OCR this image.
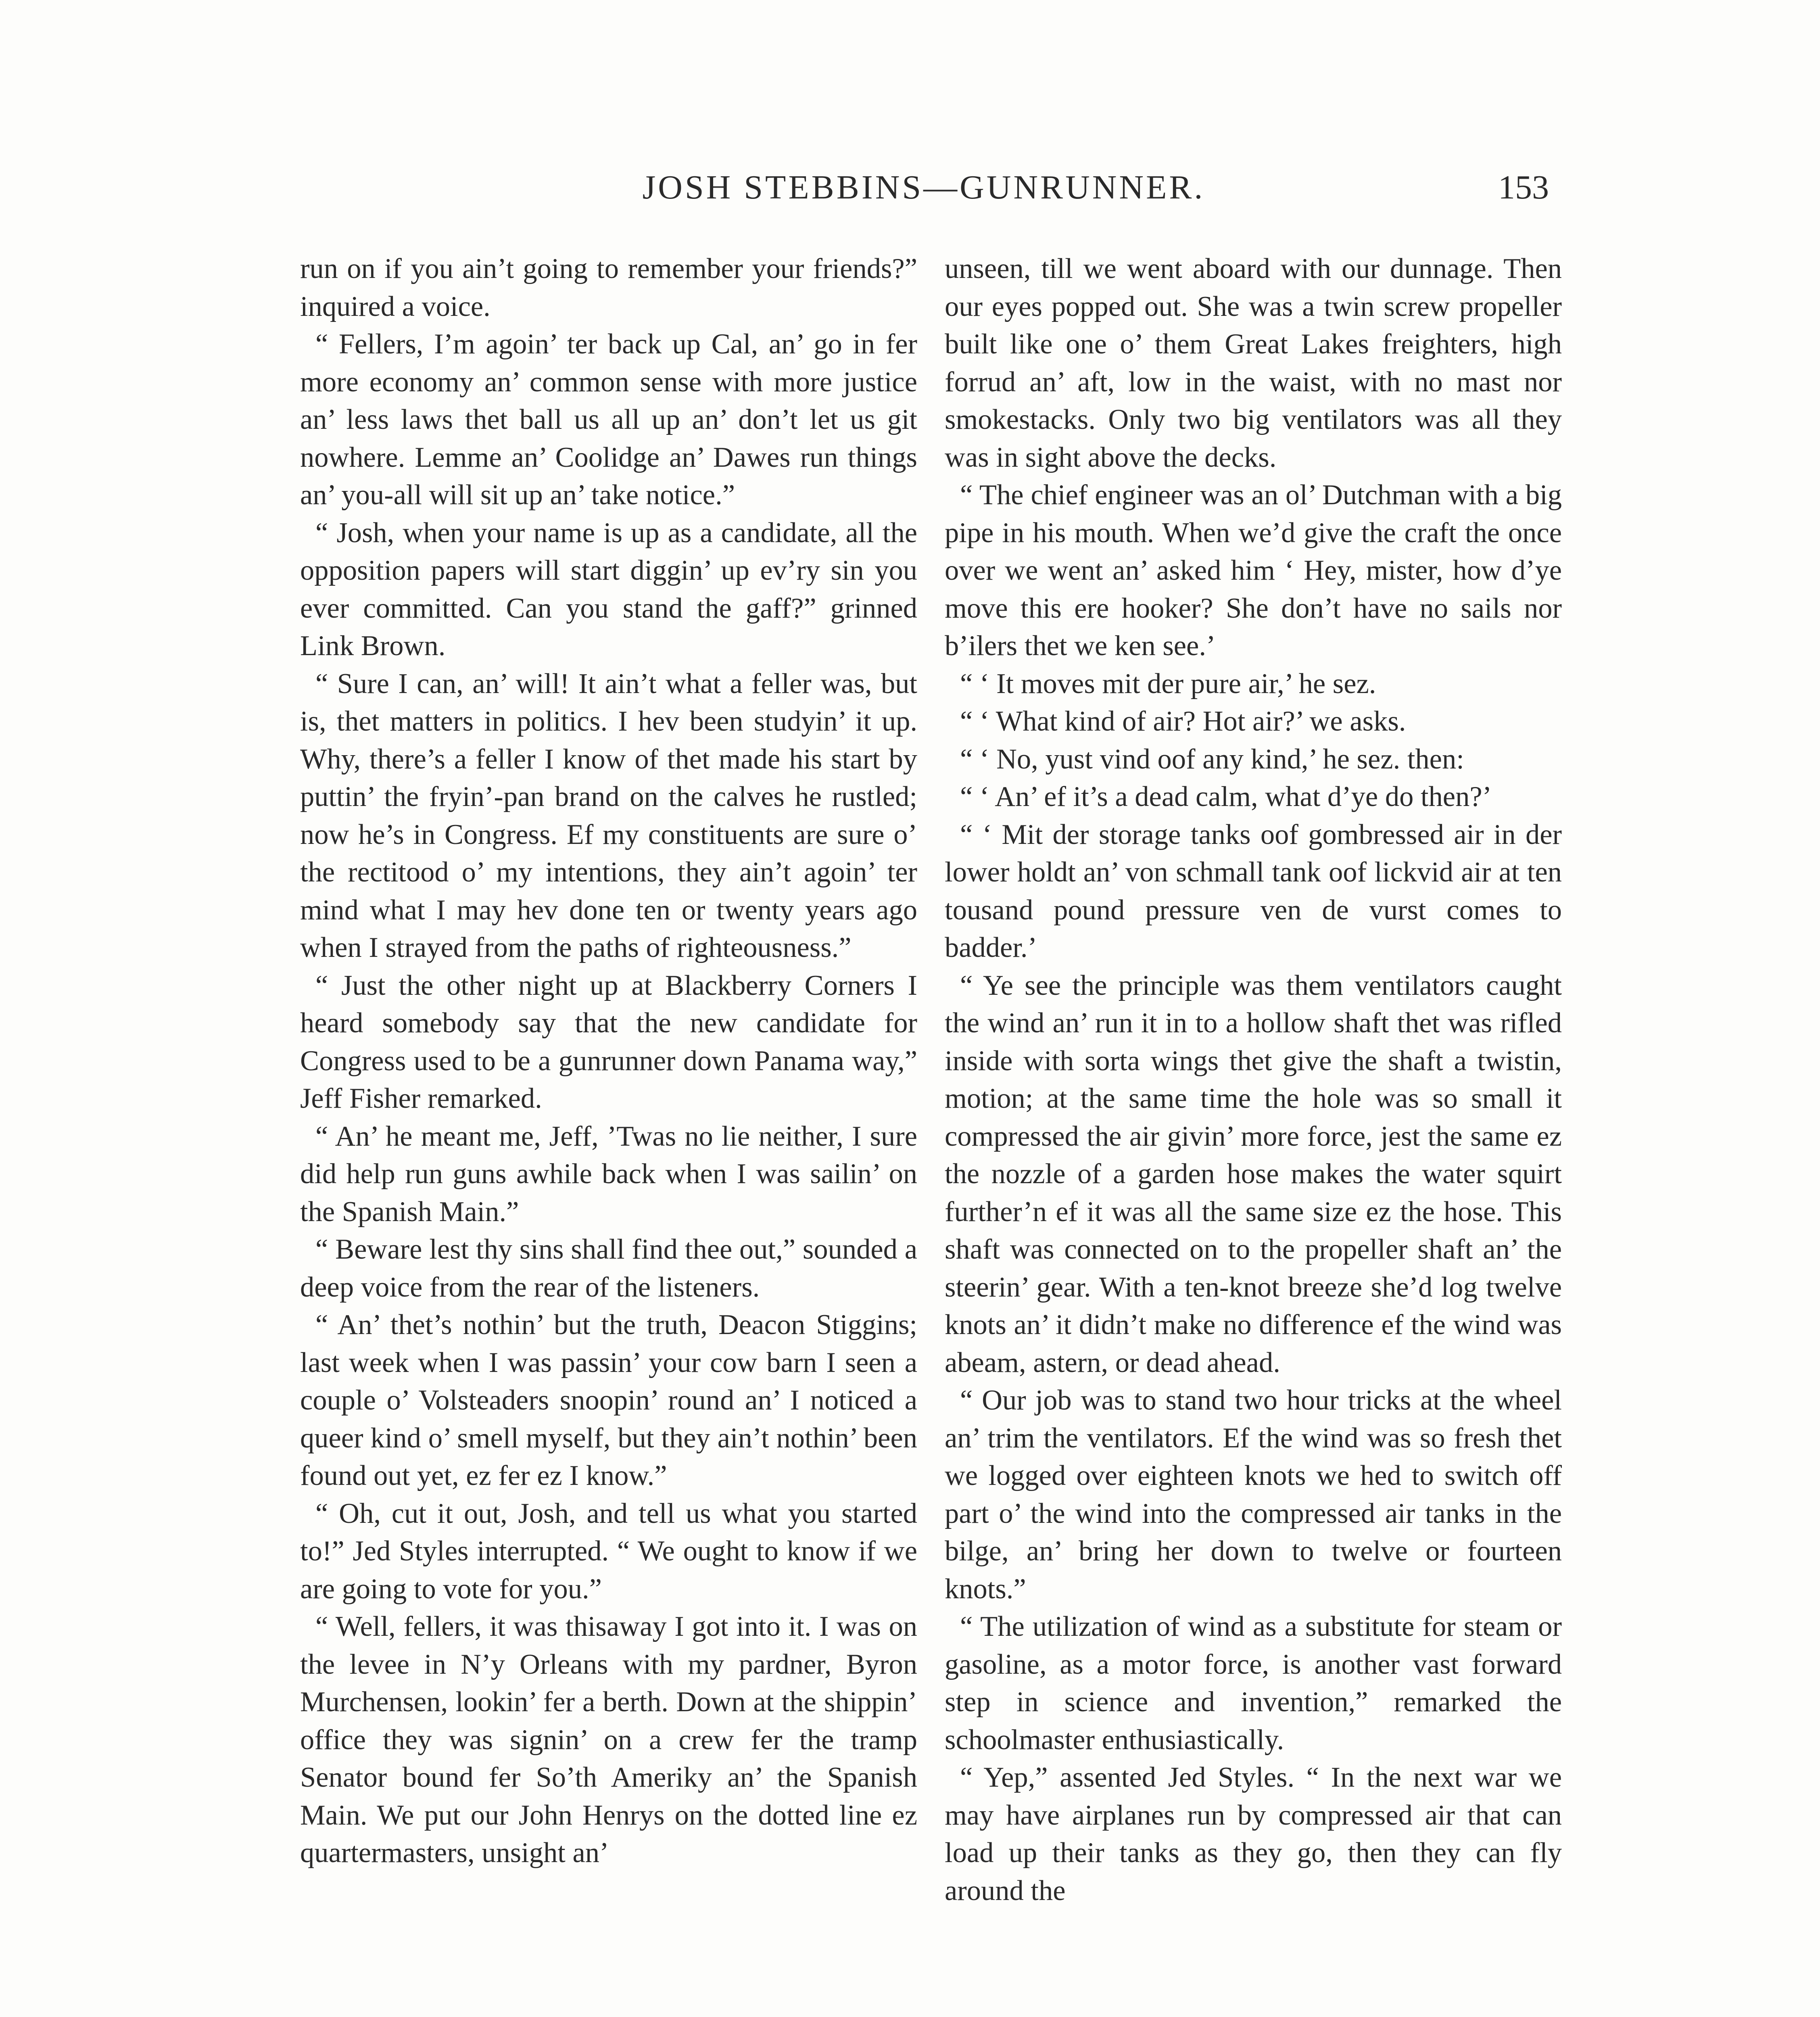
JOSH STEBBINS—GUNRUNNER.	153

run on if you ain’t going to remember your friends?” inquired a voice.

“ Fellers, I’m agoin’ ter back up Cal, an’ go in fer more economy an’ common sense with more justice an’ less laws thet ball us all up an’ don’t let us git nowhere. Lemme an’ Coolidge an’ Dawes run things an’ you-all will sit up an’ take notice.”

“ Josh, when your name is up as a candidate, all the opposition papers will start diggin’ up ev’ry sin you ever committed. Can you stand the gaff?” grinned Link Brown.

“ Sure I can, an’ will! It ain’t what a feller was, but is, thet matters in politics. I hev been studyin’ it up. Why, there’s a feller I know of thet made his start by puttin’ the fryin’-pan brand on the calves he rustled; now he’s in Congress. Ef my constituents are sure o’ the rectitood o’ my intentions, they ain’t agoin’ ter mind what I may hev done ten or twenty years ago when I strayed from the paths of righteousness.”

“ Just the other night up at Blackberry Corners I heard somebody say that the new candidate for Congress used to be a gunrunner down Panama way,” Jeff Fisher remarked.

“ An’ he meant me, Jeff, ’Twas no lie neither, I sure did help run guns awhile back when I was sailin’ on the Spanish Main.”

“ Beware lest thy sins shall find thee out,” sounded a deep voice from the rear of the listeners.

“ An’ thet’s nothin’ but the truth, Deacon Stiggins; last week when I was passin’ your cow barn I seen a couple o’ Volsteaders snoopin’ round an’ I noticed a queer kind o’ smell myself, but they ain’t nothin’ been found out yet, ez fer ez I know.”

“ Oh, cut it out, Josh, and tell us what you started to!” Jed Styles interrupted. “ We ought to know if we are going to vote for you.”

“ Well, fellers, it was thisaway I got into it. I was on the levee in N’y Orleans with my pardner, Byron Murchensen, lookin’ fer a berth. Down at the shippin’ office they was signin’ on a crew fer the tramp Senator bound fer So’th Ameriky an’ the Spanish Main. We put our John Henrys on the dotted line ez quartermasters, unsight an’

unseen, till we went aboard with our dunnage. Then our eyes popped out. She was a twin screw propeller built like one o’ them Great Lakes freighters, high forrud an’ aft, low in the waist, with no mast nor smokestacks. Only two big ventilators was all they was in sight above the decks.

“ The chief engineer was an ol’ Dutchman with a big pipe in his mouth. When we’d give the craft the once over we went an’ asked him ‘ Hey, mister, how d’ye move this ere hooker? She don’t have no sails nor b’ilers thet we ken see.’

“ ‘ It moves mit der pure air,’ he sez.

“ ‘ What kind of air? Hot air?’ we asks.

“ ‘ No, yust vind oof any kind,’ he sez. then:

“ ‘ An’ ef it’s a dead calm, what d’ye do then?’

“ ‘ Mit der storage tanks oof gombressed air in der lower holdt an’ von schmall tank oof lickvid air at ten tousand pound pressure ven de vurst comes to badder.’

“ Ye see the principle was them ventilators caught the wind an’ run it in to a hollow shaft thet was rifled inside with sorta wings thet give the shaft a twistin, motion; at the same time the hole was so small it compressed the air givin’ more force, jest the same ez the nozzle of a garden hose makes the water squirt further’n ef it was all the same size ez the hose. This shaft was connected on to the propeller shaft an’ the steerin’ gear. With a ten-knot breeze she’d log twelve knots an’ it didn’t make no difference ef the wind was abeam, astern, or dead ahead.

“ Our job was to stand two hour tricks at the wheel an’ trim the ventilators. Ef the wind was so fresh thet we logged over eighteen knots we hed to switch off part o’ the wind into the compressed air tanks in the bilge, an’ bring her down to twelve or fourteen knots.”

“ The utilization of wind as a substitute for steam or gasoline, as a motor force, is another vast forward step in science and invention,” remarked the schoolmaster enthusiastically.

“ Yep,” assented Jed Styles. “ In the next war we may have airplanes run by compressed air that can load up their tanks as they go, then they can fly around the
